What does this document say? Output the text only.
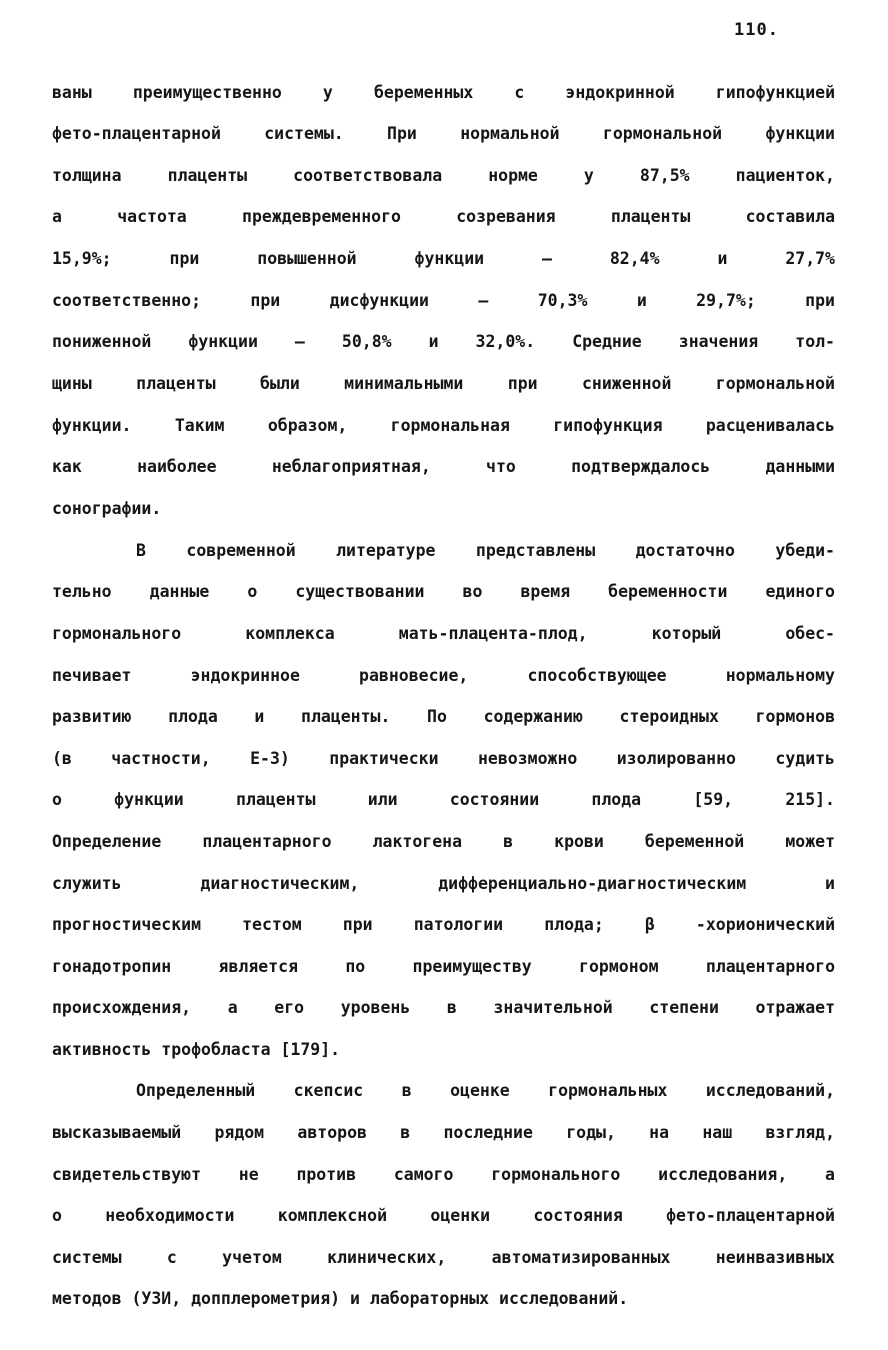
110.
ваны преимущественно у беременных с эндокринной гипофункцией
фето-плацентарной системы. При нормальной гормональной функции
толщина плаценты соответствовала норме у 87,5% пациенток,
а частота преждевременного созревания плаценты составила
15,9%; при повышенной функции – 82,4% и 27,7%
соответственно; при дисфункции – 70,3% и 29,7%; при
пониженной функции – 50,8% и 32,0%. Средние значения тол-
щины плаценты были минимальными при сниженной гормональной
функции. Таким образом, гормональная гипофункция расценивалась
как наиболее неблагоприятная, что подтверждалось данными
сонографии.
В современной литературе представлены достаточно убеди-
тельно данные о существовании во время беременности единого
гормонального комплекса мать-плацента-плод, который обес-
печивает эндокринное равновесие, способствующее нормальному
развитию плода и плаценты. По содержанию стероидных гормонов
(в частности, Е-3) практически невозможно изолированно судить
о функции плаценты или состоянии плода [59, 215].
Определение плацентарного лактогена в крови беременной может
служить диагностическим, дифференциально-диагностическим и
прогностическим тестом при патологии плода; β -хорионический
гонадотропин является по преимуществу гормоном плацентарного
происхождения, а его уровень в значительной степени отражает
активность трофобласта [179].
Определенный скепсис в оценке гормональных исследований,
высказываемый рядом авторов в последние годы, на наш взгляд,
свидетельствуют не против самого гормонального исследования, а
о необходимости комплексной оценки состояния фето-плацентарной
системы с учетом клинических, автоматизированных неинвазивных
методов (УЗИ, допплерометрия) и лабораторных исследований.
